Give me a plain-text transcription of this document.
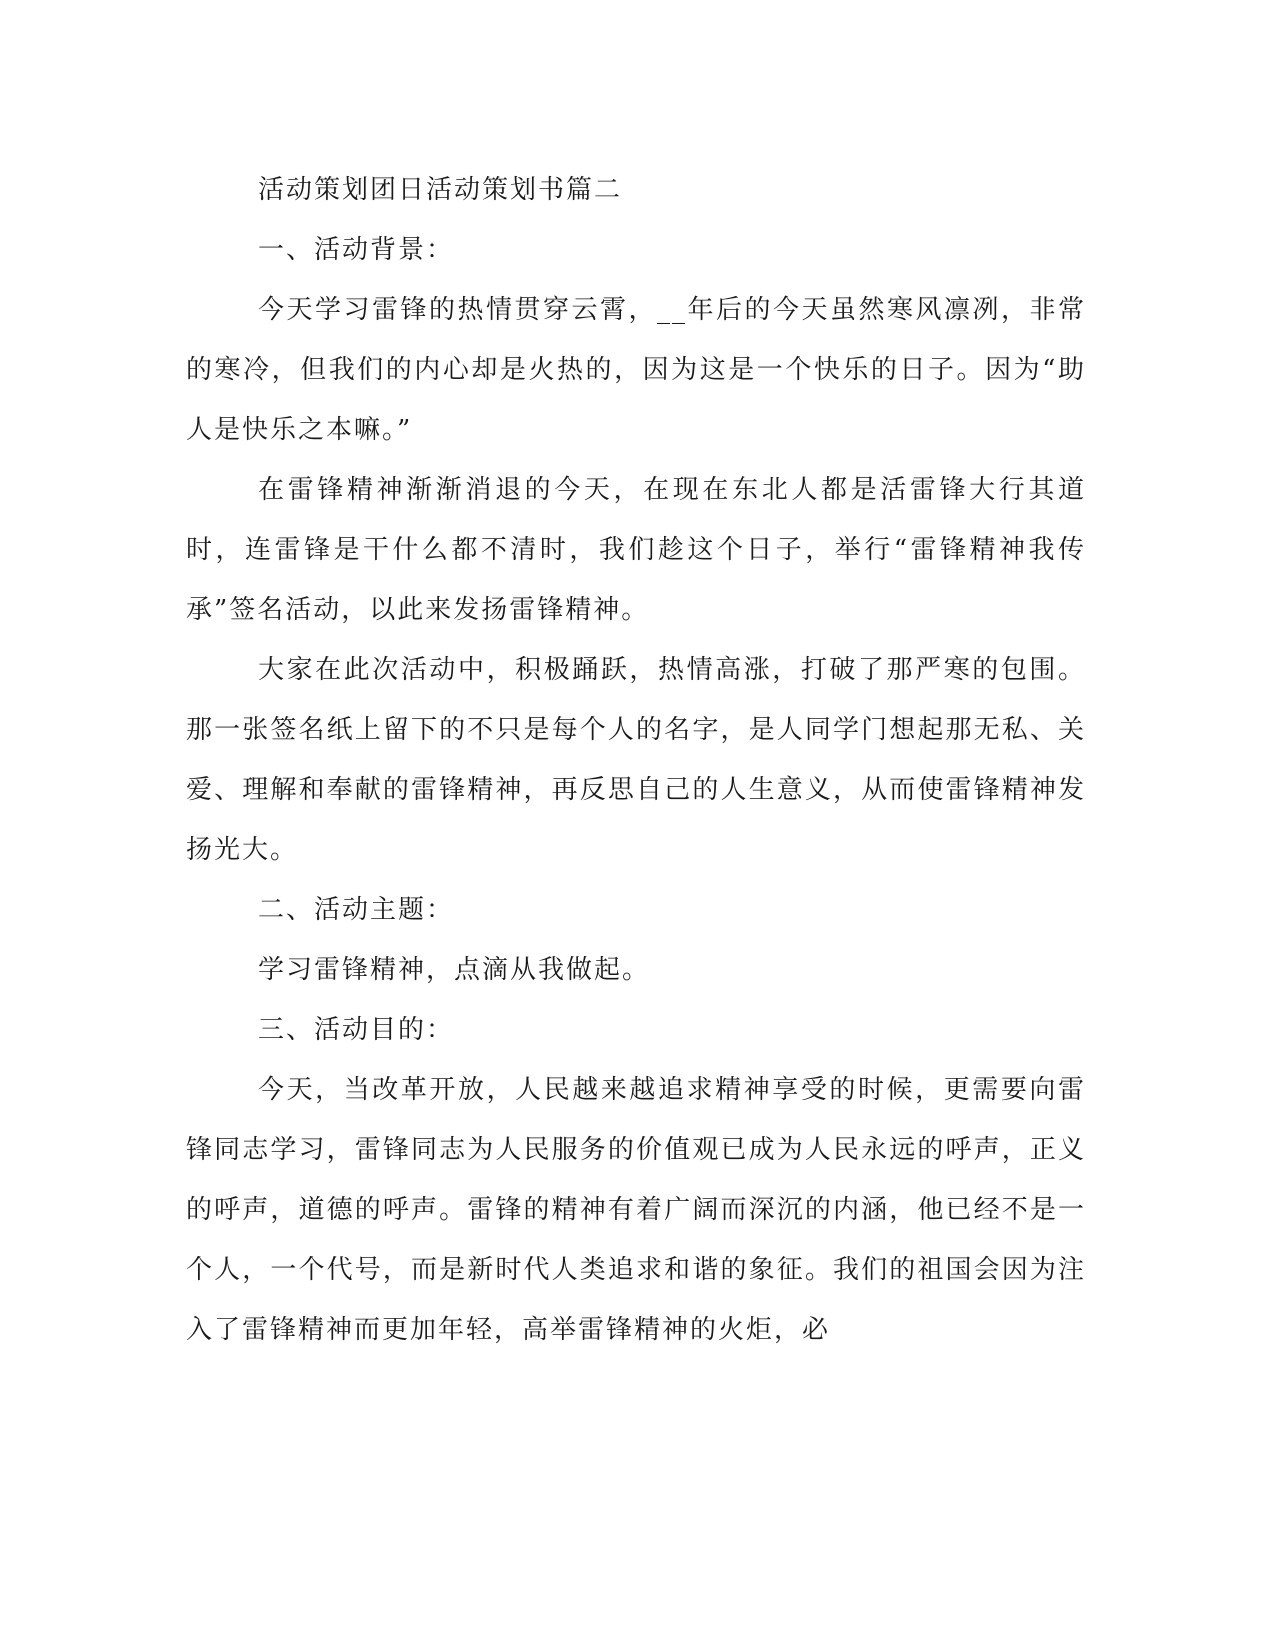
活动策划团日活动策划书篇二

一、活动背景：

今天学习雷锋的热情贯穿云霄，__年后的今天虽然寒风凛冽，非常的寒冷，但我们的内心却是火热的，因为这是一个快乐的日子。因为“助人是快乐之本嘛。”

在雷锋精神渐渐消退的今天，在现在东北人都是活雷锋大行其道时，连雷锋是干什么都不清时，我们趁这个日子，举行“雷锋精神我传承”签名活动，以此来发扬雷锋精神。

大家在此次活动中，积极踊跃，热情高涨，打破了那严寒的包围。那一张签名纸上留下的不只是每个人的名字，是人同学门想起那无私、关爱、理解和奉献的雷锋精神，再反思自己的人生意义，从而使雷锋精神发扬光大。

二、活动主题：

学习雷锋精神，点滴从我做起。

三、活动目的：

今天，当改革开放，人民越来越追求精神享受的时候，更需要向雷锋同志学习，雷锋同志为人民服务的价值观已成为人民永远的呼声，正义的呼声，道德的呼声。雷锋的精神有着广阔而深沉的内涵，他已经不是一个人，一个代号，而是新时代人类追求和谐的象征。我们的祖国会因为注入了雷锋精神而更加年轻，高举雷锋精神的火炬，必
